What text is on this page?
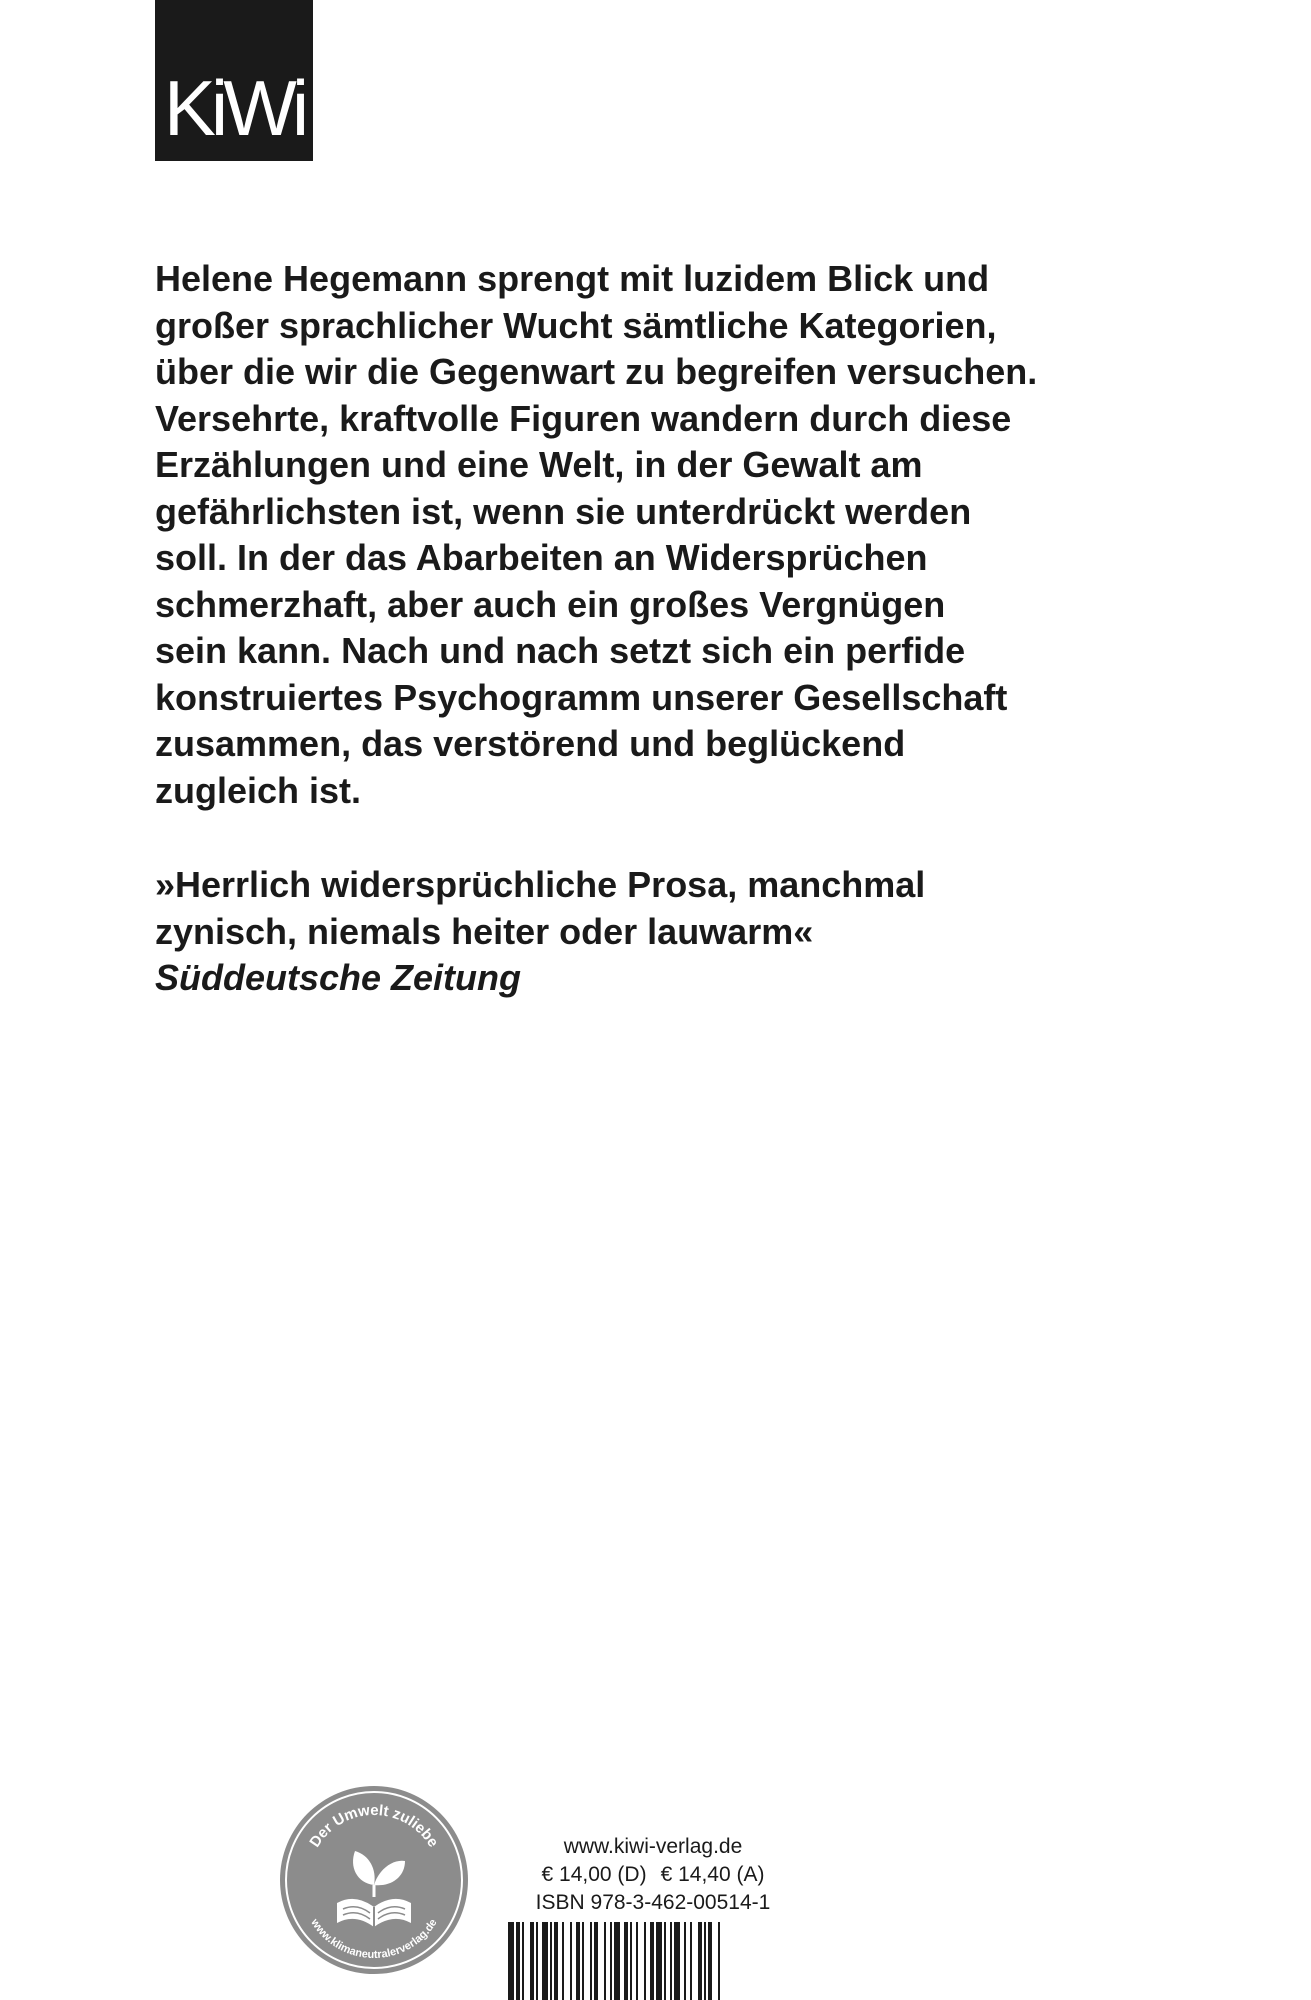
KiWi
Helene Hegemann sprengt mit luzidem Blick und
großer sprachlicher Wucht sämtliche Kategorien,
über die wir die Gegenwart zu begreifen versuchen.
Versehrte, kraftvolle Figuren wandern durch diese
Erzählungen und eine Welt, in der Gewalt am
gefährlichsten ist, wenn sie unterdrückt werden
soll. In der das Abarbeiten an Widersprüchen
schmerzhaft, aber auch ein großes Vergnügen
sein kann. Nach und nach setzt sich ein perfide
konstruiertes Psychogramm unserer Gesellschaft
zusammen, das verstörend und beglückend
zugleich ist.
»Herrlich widersprüchliche Prosa, manchmal
zynisch, niemals heiter oder lauwarm«
Süddeutsche Zeitung
Der Umwelt zuliebe
www.klimaneutralerverlag.de
www.kiwi-verlag.de
€ 14,00 (D) € 14,40 (A)
ISBN 978-3-462-00514-1
